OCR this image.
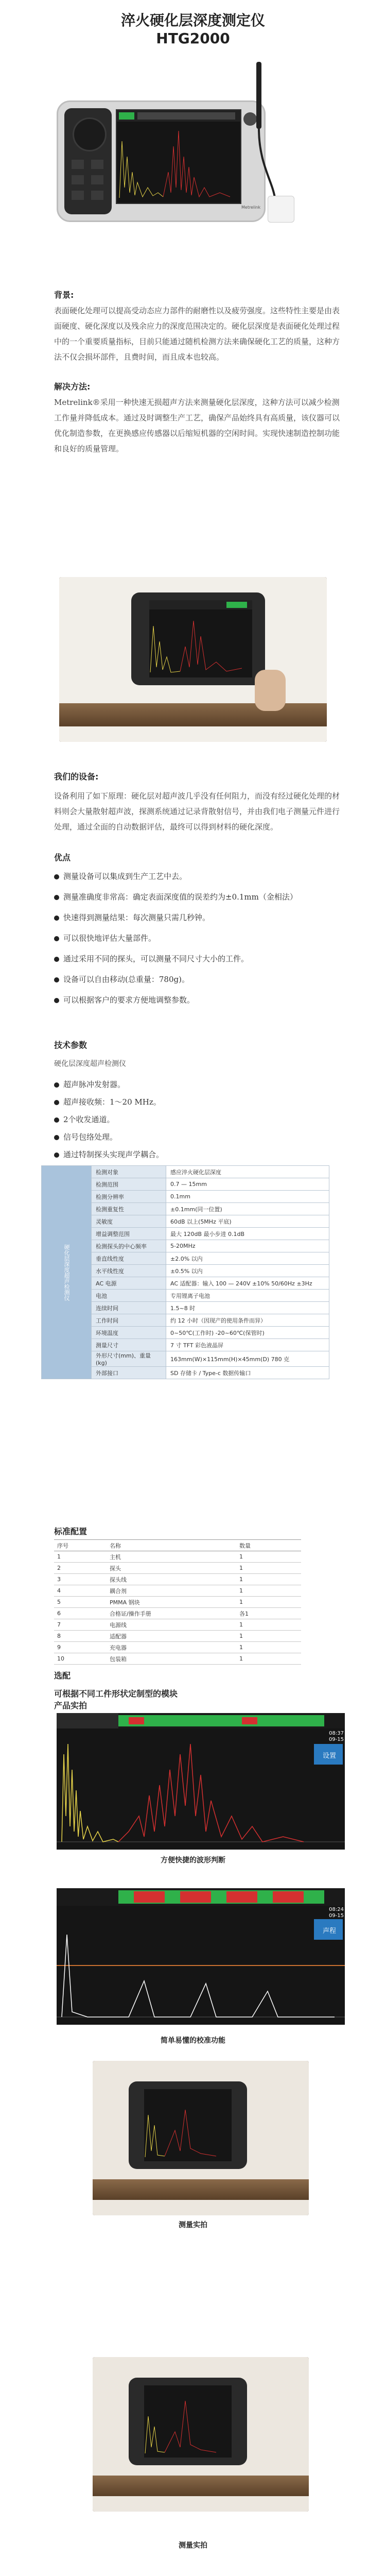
淬火硬化层深度测定仪
HTG2000
Metrelink
背景:
表面硬化处理可以提高受动态应力部件的耐磨性以及疲劳强度。这些特性主要是由表面硬度、硬化深度以及残余应力的深度范围决定的。硬化层深度是表面硬化处理过程中的一个重要质量指标，目前只能通过随机检测方法来确保硬化工艺的质量，这种方法不仅会损坏部件，且费时间，而且成本也较高。
解决方法:
Metrelink®采用一种快速无损超声方法来测量硬化层深度，这种方法可以减少检测工作量并降低成本。通过及时调整生产工艺，确保产品始终具有高质量，该仪器可以优化制造参数，在更换感应传感器以后缩短机器的空闲时间。实现快速制造控制功能和良好的质量管理。
我们的设备:
设备利用了如下原理：硬化层对超声波几乎没有任何阻力，而没有经过硬化处理的材料则会大量散射超声波，探测系统通过记录背散射信号，并由我们电子测量元件进行处理，通过全面的自动数据评估，最终可以得到材料的硬化深度。
优点
测量设备可以集成到生产工艺中去。
测量准确度非常高：确定表面深度值的误差约为±0.1mm（金相法）
快速得到测量结果：每次测量只需几秒钟。
可以很快地评估大量部件。
通过采用不同的探头，可以测量不同尺寸大小的工件。
设备可以自由移动(总重量：780g)。
可以根据客户的要求方便地调整参数。
技术参数
硬化层深度超声检测仪
超声脉冲发射器。
超声接收频：1～20 MHz。
2个收发通道。
信号包络处理。
通过特制探头实现声学耦合。
硬化层深度超声检测仪	检测对象	感应淬火硬化层深度
	检测范围	0.7 — 15mm
	检测分辨率	0.1mm
	检测重复性	±0.1mm(同一位置)
	灵敏度	60dB 以上(5MHz 平底)
	增益调整范围	最大 120dB 最小步进 0.1dB
	检测探头的中心频率	5-20MHz
	垂直线性度	±2.0% 以内
	水平线性度	±0.5% 以内
	AC 电源	AC 适配器：输入 100 — 240V ±10% 50/60Hz ±3Hz
	电池	专用锂离子电池
	连续时间	1.5~8 时
	工作时间	约 12 小时（因现产的使用条件而异）
	环境温度	0~50℃(工作时) -20~60℃(保管时)
	测量尺寸	7 寸 TFT 彩色液晶屏
	外形尺寸(mm)、重量(kg)	163mm(W)×115mm(H)×45mm(D) 780 克
	外部接口	SD 存储卡 / Type-c 数据传输口
标准配置
序号	名称	数量
1	主机	1
2	探头	1
3	探头线	1
4	耦合剂	1
5	PMMA 钢块	1
6	合格证/操作手册	各1
7	电源线	1
8	适配器	1
9	充电器	1
10	包装箱	1
选配
可根据不同工件形状定制型的模块
产品实拍
设置
08:37
09-15
方便快捷的波形判断
声程
08:24
09-15
简单易懂的校准功能
测量实拍
测量实拍
